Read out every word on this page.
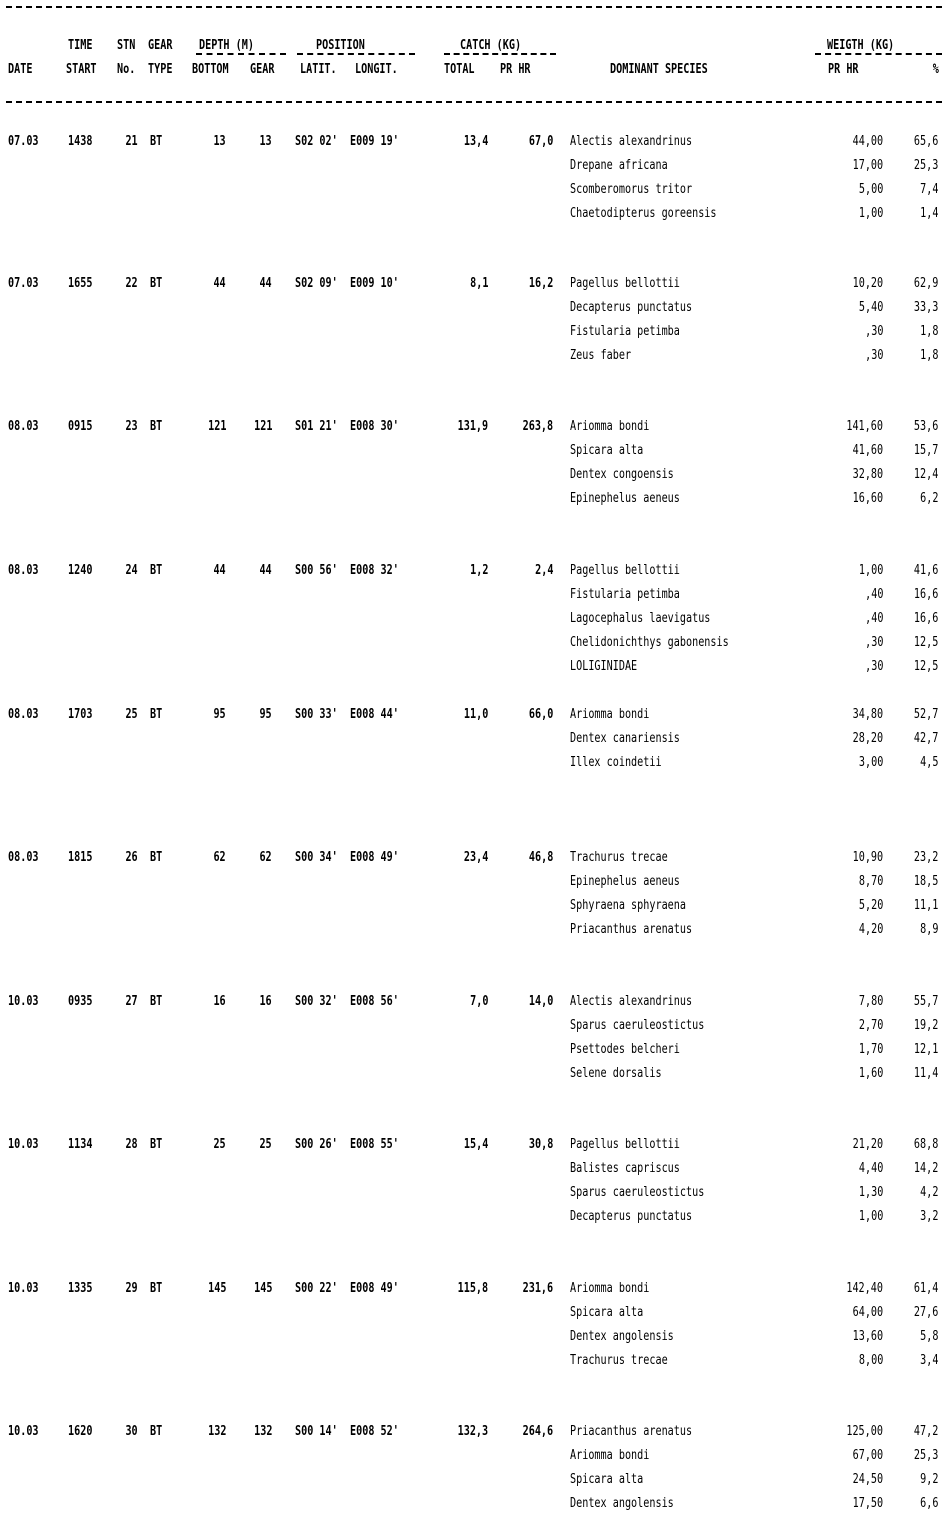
TIME STN GEAR DEPTH (M)	POSITION	CATCH (KG)	WEIGTH (KG)
DATE	START No. TYPE BOTTOM GEAR LATIT. LONGIT.	TOTAL PR HR	DOMINANT SPECIES	PR HR	%
07.03 1438	21 BT	13	13 S02 02' E009 19'	13,4	67,0 Alectis alexandrinus	44,00 65,6
Drepane africana	17,00 25,3
Scomberomorus tritor	5,00	7,4
Chaetodipterus goreensis	1,00	1,4
07.03 1655	22 BT	44	44 S02 09' E009 10'	8,1	16,2 Pagellus bellottii	10,20 62,9
Decapterus punctatus	5,40 33,3
Fistularia petimba	,30	1,8
Zeus faber	,30	1,8
08.03 0915	23 BT	121 121 S01 21' E008 30'	131,9	263,8 Ariomma bondi	141,60 53,6
Spicara alta	41,60 15,7
Dentex congoensis	32,80 12,4
Epinephelus aeneus	16,60	6,2
08.03 1240	24 BT	44	44 S00 56' E008 32'	1,2	2,4 Pagellus bellottii	1,00 41,6
Fistularia petimba	,40 16,6
Lagocephalus laevigatus	,40 16,6
Chelidonichthys gabonensis	,30 12,5
LOLIGINIDAE	,30 12,5
08.03 1703	25 BT	95	95 S00 33' E008 44'	11,0	66,0 Ariomma bondi	34,80 52,7
Dentex canariensis	28,20 42,7
Illex coindetii	3,00	4,5
08.03 1815	26 BT	62	62 S00 34' E008 49'	23,4	46,8 Trachurus trecae	10,90 23,2
Epinephelus aeneus	8,70 18,5
Sphyraena sphyraena	5,20 11,1
Priacanthus arenatus	4,20	8,9
10.03 0935	27 BT	16	16 S00 32' E008 56'	7,0	14,0 Alectis alexandrinus	7,80 55,7
Sparus caeruleostictus	2,70 19,2
Psettodes belcheri	1,70 12,1
Selene dorsalis	1,60 11,4
10.03 1134	28 BT	25	25 S00 26' E008 55'	15,4	30,8 Pagellus bellottii	21,20 68,8
Balistes capriscus	4,40 14,2
Sparus caeruleostictus	1,30	4,2
Decapterus punctatus	1,00	3,2
10.03 1335	29 BT	145 145 S00 22' E008 49'	115,8	231,6 Ariomma bondi	142,40 61,4
Spicara alta	64,00 27,6
Dentex angolensis	13,60	5,8
Trachurus trecae	8,00	3,4
10.03 1620	30 BT	132 132 S00 14' E008 52'	132,3	264,6 Priacanthus arenatus	125,00 47,2
Ariomma bondi	67,00 25,3
Spicara alta	24,50	9,2
Dentex angolensis	17,50	6,6
